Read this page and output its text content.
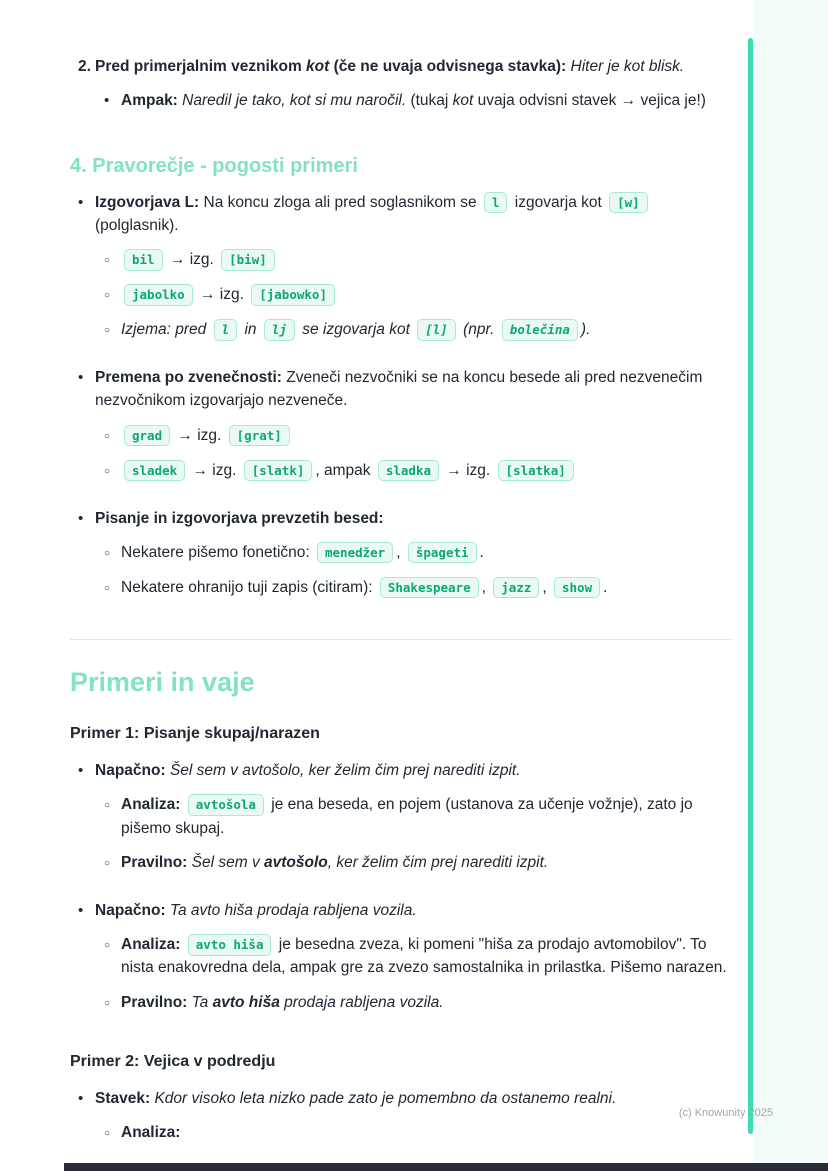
2. Pred primerjalnim veznikom kot (če ne uvaja odvisnega stavka): Hiter je kot blisk.
• Ampak: Naredil je tako, kot si mu naročil. (tukaj kot uvaja odvisni stavek → vejica je!)
4. Pravorečje - pogosti primeri
• Izgovorjava L: Na koncu zloga ali pred soglasnikom se l izgovarja kot [w] (polglasnik).
○	bil → izg. [biw]
○	jabolko → izg. [jabowko]
○ Izjema: pred l in lj se izgovarja kot [l] (npr. bolečina ).
• Premena po zvenečnosti: Zveneči nezvočniki se na koncu besede ali pred nezvenečim nezvočnikom izgovarjajo nezveneče.
○	grad → izg. [grat]
○	sladek → izg. [slatk] , ampak sladka → izg. [slatka]
• Pisanje in izgovorjava prevzetih besed:
○ Nekatere pišemo fonetično: menedžer , špageti .
○ Nekatere ohranijo tuji zapis (citiram): Shakespeare , jazz , show .
Primeri in vaje

Primer 1: Pisanje skupaj/narazen

• Napačno: Šel sem v avtošolo, ker želim čim prej narediti izpit.
○ Analiza: avtošola je ena beseda, en pojem (ustanova za učenje vožnje), zato jo pišemo skupaj.
○ Pravilno: Šel sem v avtošolo, ker želim čim prej narediti izpit.
• Napačno: Ta avto hiša prodaja rabljena vozila.
○ Analiza: avto hiša je besedna zveza, ki pomeni "hiša za prodajo avtomobilov". To nista enakovredna dela, ampak gre za zvezo samostalnika in prilastka. Pišemo narazen.
○ Pravilno: Ta avto hiša prodaja rabljena vozila.

Primer 2: Vejica v podredju

• Stavek: Kdor visoko leta nizko pade zato je pomembno da ostanemo realni.
○ Analiza:
(c) Knowunity 2025
